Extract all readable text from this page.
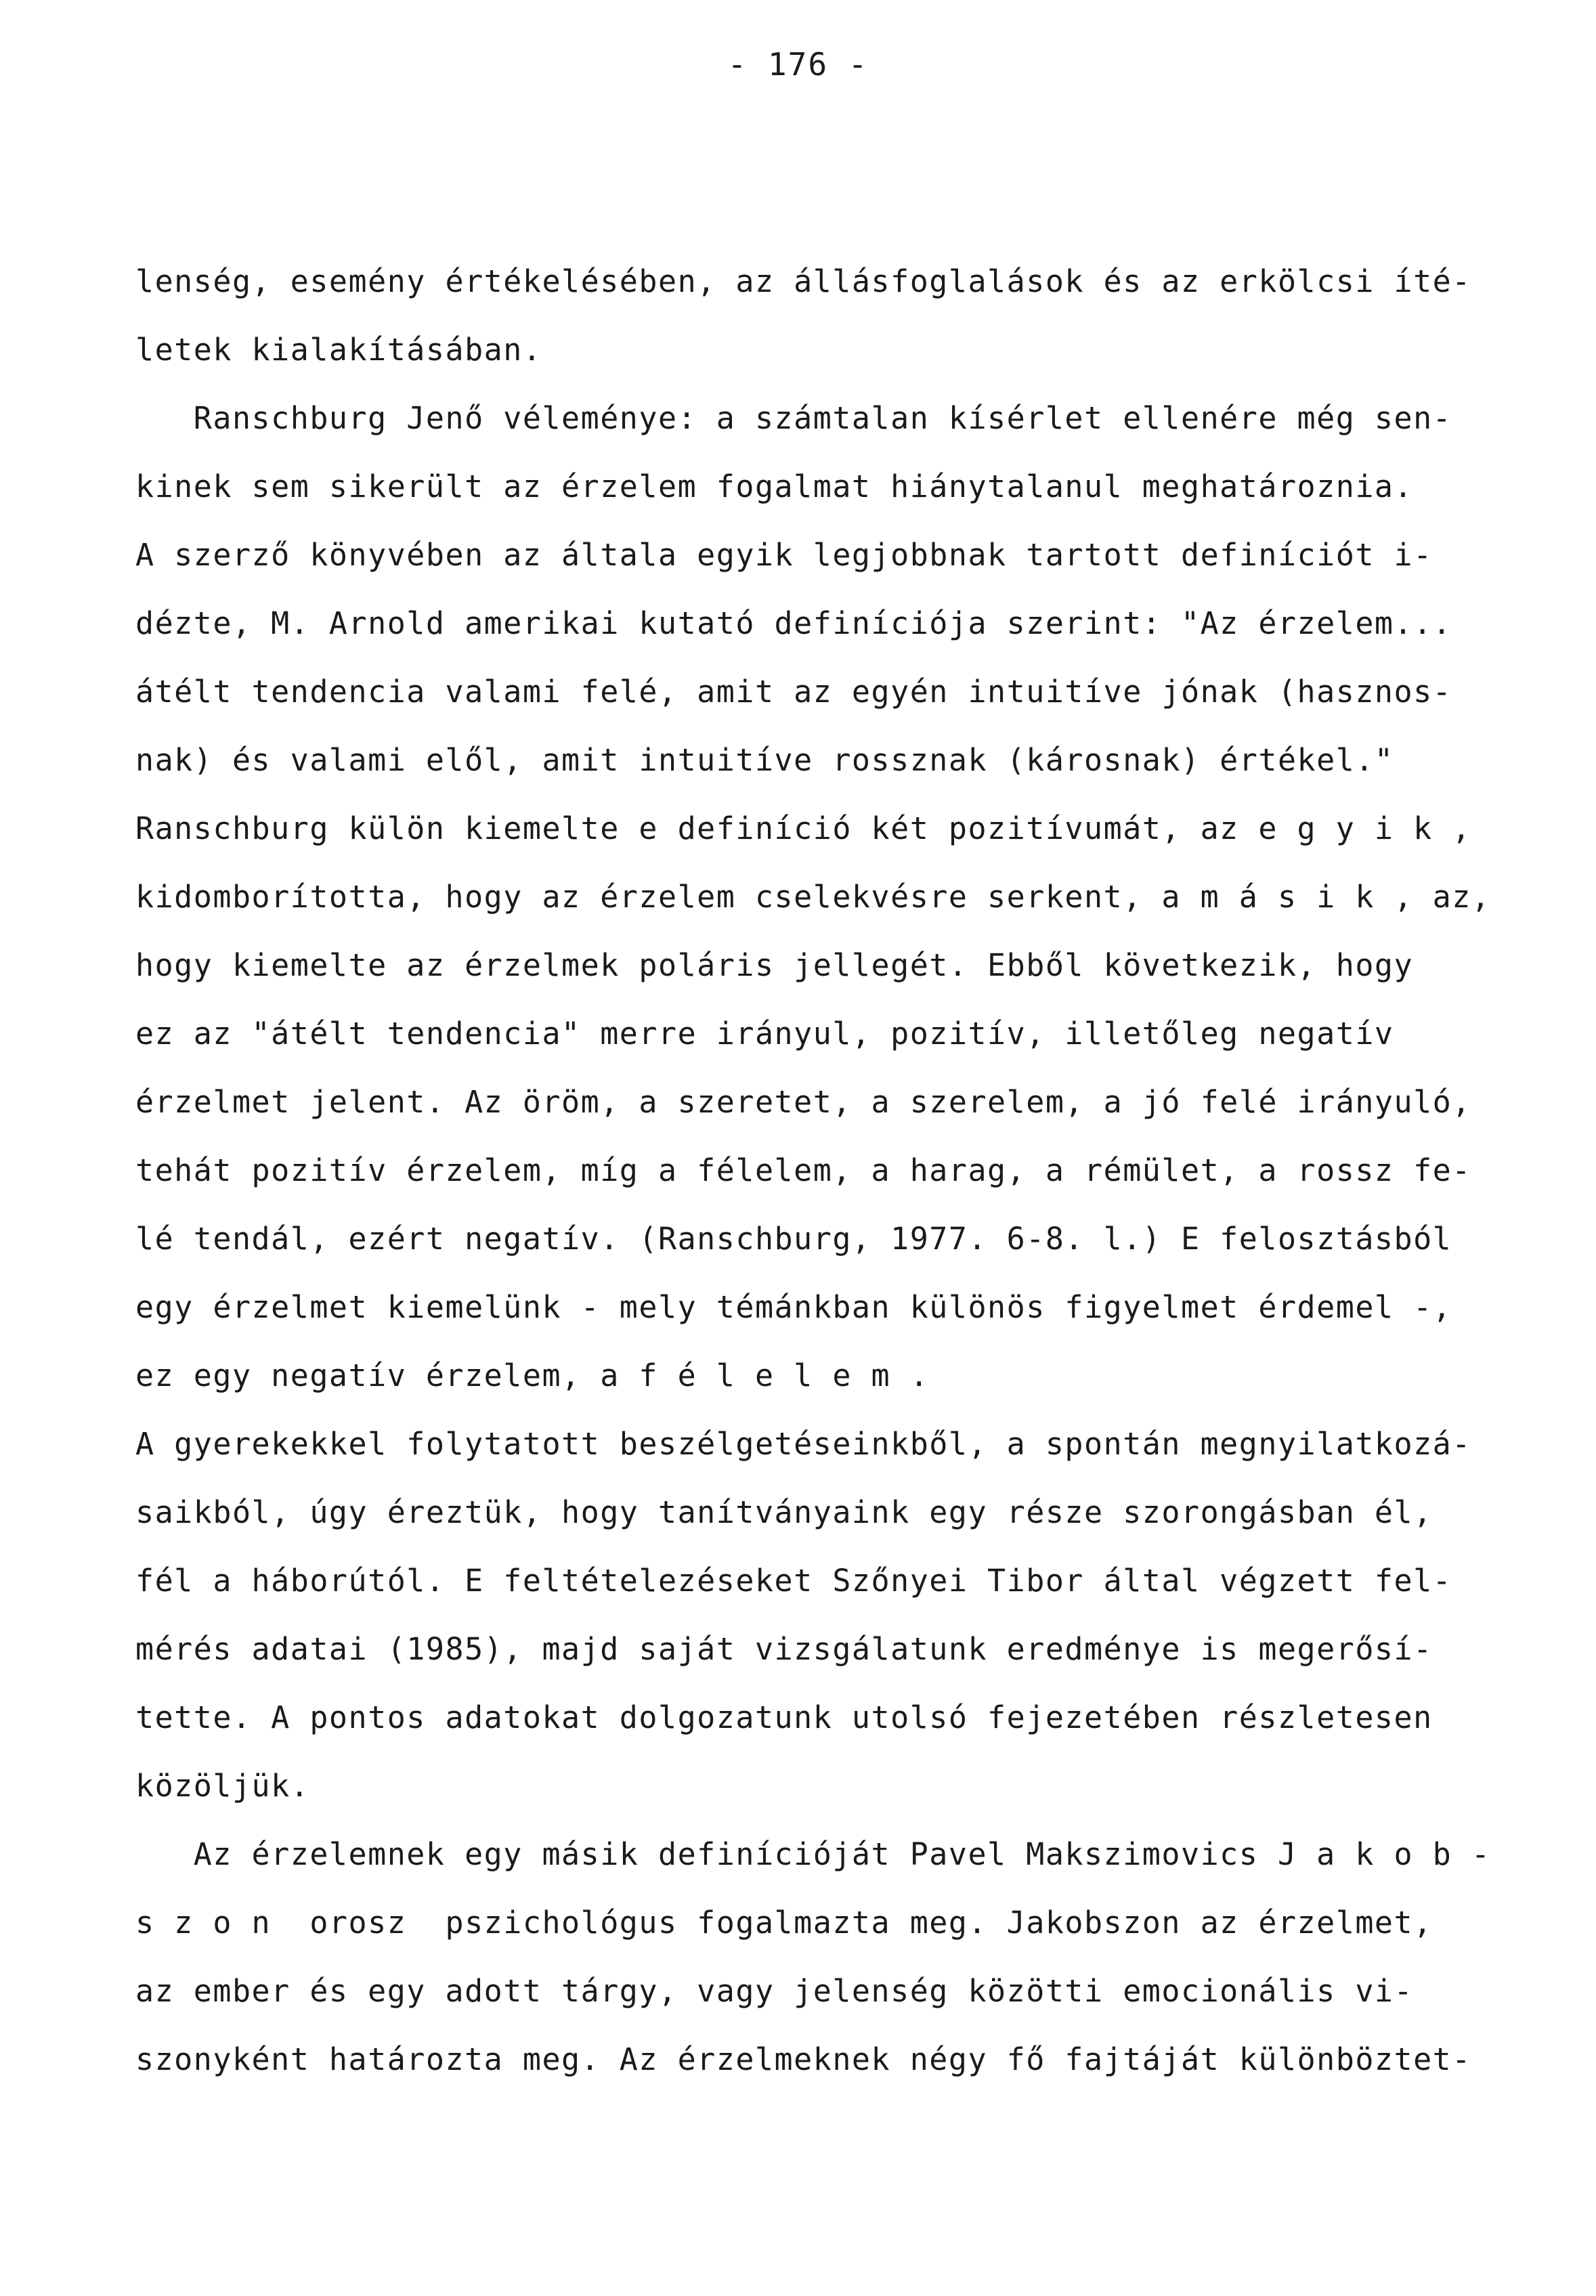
- 176 -
lenség, esemény értékelésében, az állásfoglalások és az erkölcsi íté-
letek kialakításában.
Ranschburg Jenő véleménye: a számtalan kísérlet ellenére még sen-
kinek sem sikerült az érzelem fogalmat hiánytalanul meghatároznia.
A szerző könyvében az általa egyik legjobbnak tartott definíciót i-
dézte, M. Arnold amerikai kutató definíciója szerint: "Az érzelem...
átélt tendencia valami felé, amit az egyén intuitíve jónak (hasznos-
nak) és valami elől, amit intuitíve rossznak (károsnak) értékel."
Ranschburg külön kiemelte e definíció két pozitívumát, az e g y i k ,
kidomborította, hogy az érzelem cselekvésre serkent, a m á s i k , az,
hogy kiemelte az érzelmek poláris jellegét. Ebből következik, hogy
ez az "átélt tendencia" merre irányul, pozitív, illetőleg negatív
érzelmet jelent. Az öröm, a szeretet, a szerelem, a jó felé irányuló,
tehát pozitív érzelem, míg a félelem, a harag, a rémület, a rossz fe-
lé tendál, ezért negatív. (Ranschburg, 1977. 6-8. l.) E felosztásból
egy érzelmet kiemelünk - mely témánkban különös figyelmet érdemel -,
ez egy negatív érzelem, a f é l e l e m .
A gyerekekkel folytatott beszélgetéseinkből, a spontán megnyilatkozá-
saikból, úgy éreztük, hogy tanítványaink egy része szorongásban él,
fél a háborútól. E feltételezéseket Szőnyei Tibor által végzett fel-
mérés adatai (1985), majd saját vizsgálatunk eredménye is megerősí-
tette. A pontos adatokat dolgozatunk utolsó fejezetében részletesen
közöljük.
Az érzelemnek egy másik definícióját Pavel Makszimovics J a k o b -
s z o n  orosz  pszichológus fogalmazta meg. Jakobszon az érzelmet,
az ember és egy adott tárgy, vagy jelenség közötti emocionális vi-
szonyként határozta meg. Az érzelmeknek négy fő fajtáját különböztet-
